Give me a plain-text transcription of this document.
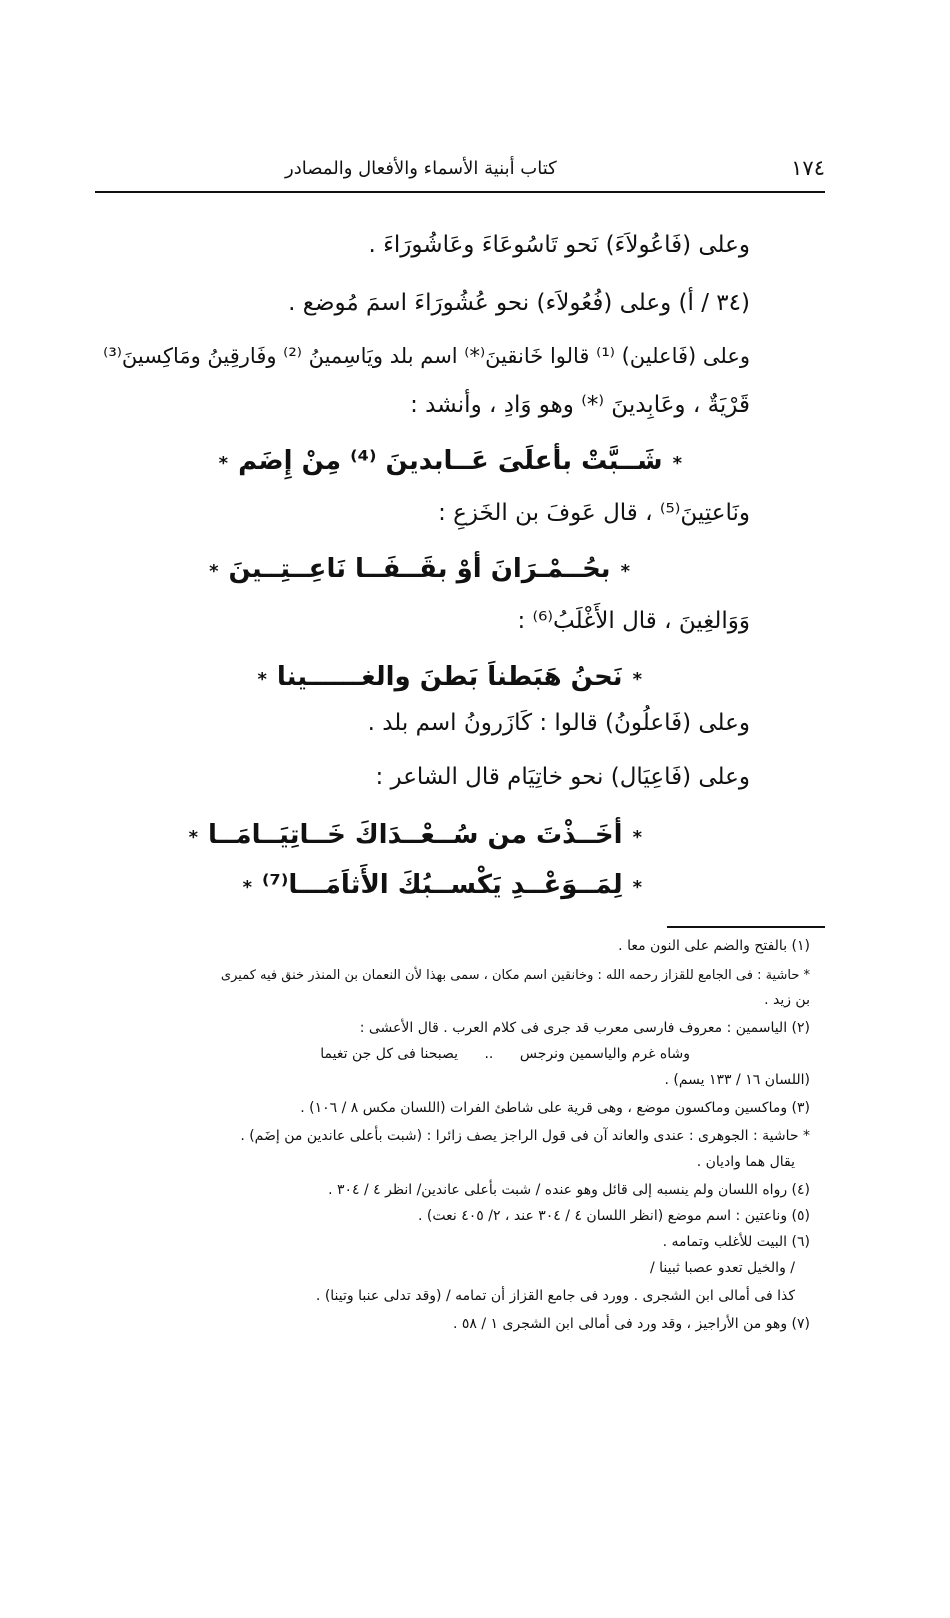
١٧٤
كتاب أبنية الأسماء والأفعال والمصادر
وعلى (فَاعُولاَءَ) نَحو تَاسُوعَاءَ وعَاشُورَاءَ .
(٣٤ / أ) وعلى (فُعُولاَء) نحو عُشُورَاءَ اسمَ مُوضع .
وعلى (فَاعلين) ⁽¹⁾ قالوا خَانقينَ⁽*⁾ اسم بلد ويَاسِمينُ ⁽²⁾ وفَارقِينُ ومَاكِسينَ⁽³⁾
قَرْيَةٌ ، وعَابِدينَ ⁽*⁾ وهو وَادِ ، وأنشد :
*شَــبَّتْ بأعلَىَ عَــابدينَ ⁽⁴⁾ مِنْ إِضَم*
ونَاعتِينَ⁽⁵⁾ ، قال عَوفَ بن الخَزعِ :
*بحُــمْـرَانَ أوْ بقَــفَــا نَاعِــتِــينَ*
وَوَالغِينَ ، قال الأَغْلَبُ⁽⁶⁾ :
*نَحنُ هَبَطناَ بَطنَ والغــــــينا*
وعلى (فَاعلُونُ) قالوا : كَازَرونُ اسم بلد .
وعلى (فَاعِيَال) نحو خاتِيَام قال الشاعر :
*أخَــذْتَ من سُــعْــدَاكَ خَــاتِيَــامَــا*
*لِمَــوَعْــدِ يَكْســبُكَ الأَثاَمَـــا⁽⁷⁾*
(١) بالفتح والضم على النون معا .
* حاشية : فى الجامع للقزاز رحمه الله : وخانقين اسم مكان ، سمى بهذا لأن النعمان بن المنذر خنق فيه كميرى
بن زيد .
(٢) الياسمين : معروف فارسى معرب قد جرى فى كلام العرب . قال الأعشى :
وشاه غرم والياسمين ونرجس .. يصبحنا فى كل جن تغيما
(اللسان ١٦ / ١٣٣ يسم) .
(٣) وماكسين وماكسون موضع ، وهى قرية على شاطئ الفرات (اللسان مكس ٨ / ١٠٦) .
* حاشية : الجوهرى : عندى والعاند آن فى قول الراجز يصف زائرا : (شبت بأعلى عاندين من إضَم) .
يقال هما واديان .
(٤) رواه اللسان ولم ينسبه إلى قائل وهو عنده / شبت بأعلى عاندين/ انظر ٤ / ٣٠٤ .
(٥) وناعتين : اسم موضع (انظر اللسان ٤ / ٣٠٤ عند ، ٢/ ٤٠٥ نعت) .
(٦) البيت للأغلب وتمامه .
/ والخيل تعدو عصبا ثبينا /
كذا فى أمالى ابن الشجرى . وورد فى جامع القزاز أن تمامه / (وقد تدلى عنبا وتينا) .
(٧) وهو من الأراجيز ، وقد ورد فى أمالى ابن الشجرى ١ / ٥٨ .
